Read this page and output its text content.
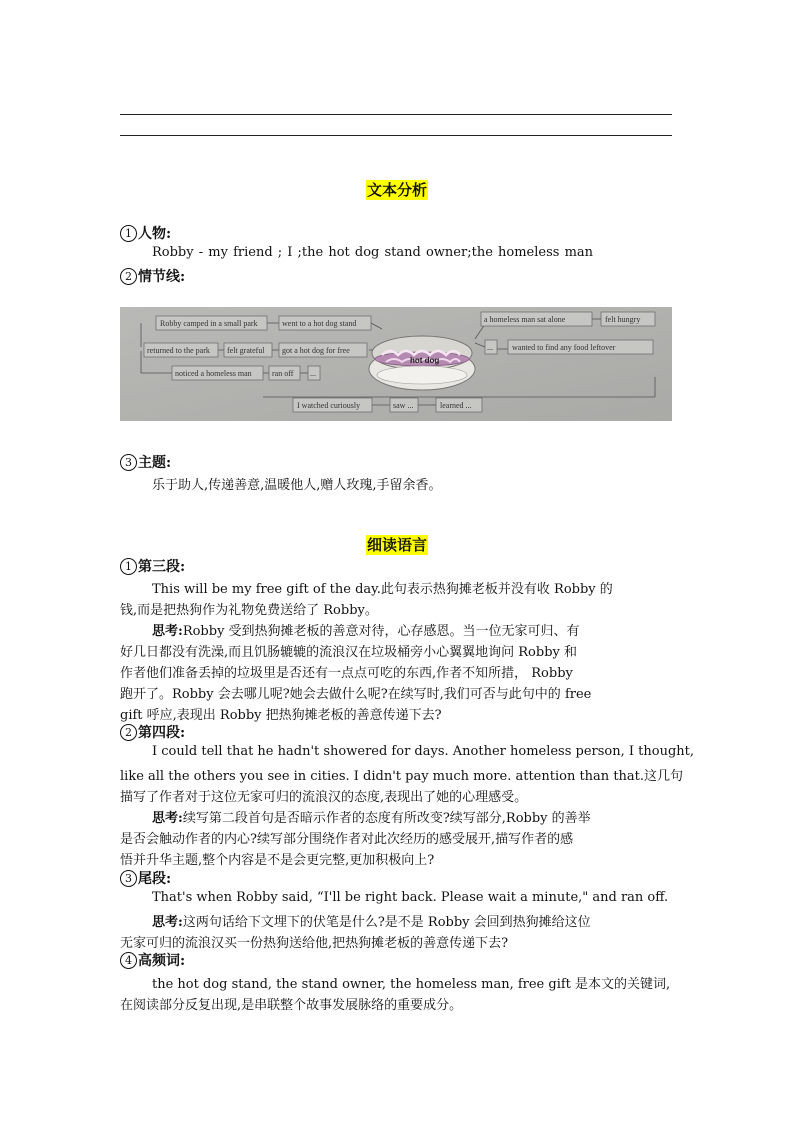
文本分析
1 人物:
Robby - my friend ; I ;the hot dog stand owner;the homeless man
2 情节线:
Robby camped in a small park	went to a hot dog stand
returned to the park felt grateful got a hot dog for free
noticed a homeless man	ran off ...
a homeless man sat alone	felt hungry
... wanted to find any food leftover
I watched curiously	saw ...	learned ...
hot dog
3 主题:
乐于助人,传递善意,温暖他人,赠人玫瑰,手留余香。
细读语言
1 第三段:
This will be my free gift of the day.此句表示热狗摊老板并没有收 Robby 的
钱,而是把热狗作为礼物免费送给了 Robby。
思考:Robby 受到热狗摊老板的善意对待，心存感恩。当一位无家可归、有
好几日都没有洗澡,而且饥肠辘辘的流浪汉在垃圾桶旁小心翼翼地询问 Robby 和
作者他们准备丢掉的垃圾里是否还有一点点可吃的东西,作者不知所措， Robby
跑开了。Robby 会去哪儿呢?她会去做什么呢?在续写时,我们可否与此句中的 free
gift 呼应,表现出 Robby 把热狗摊老板的善意传递下去?
2 第四段:
I could tell that he hadn't showered for days. Another homeless person, I thought,
like all the others you see in cities. I didn't pay much more. attention than that.这几句
描写了作者对于这位无家可归的流浪汉的态度,表现出了她的心理感受。
思考:续写第二段首句是否暗示作者的态度有所改变?续写部分,Robby 的善举
是否会触动作者的内心?续写部分围绕作者对此次经历的感受展开,描写作者的感
悟并升华主题,整个内容是不是会更完整,更加积极向上?
3 尾段:
That's when Robby said, “I'll be right back. Please wait a minute," and ran off.
思考:这两句话给下文埋下的伏笔是什么?是不是 Robby 会回到热狗摊给这位
无家可归的流浪汉买一份热狗送给他,把热狗摊老板的善意传递下去?
4 高频词:
the hot dog stand, the stand owner, the homeless man, free gift 是本文的关键词,
在阅读部分反复出现,是串联整个故事发展脉络的重要成分。
